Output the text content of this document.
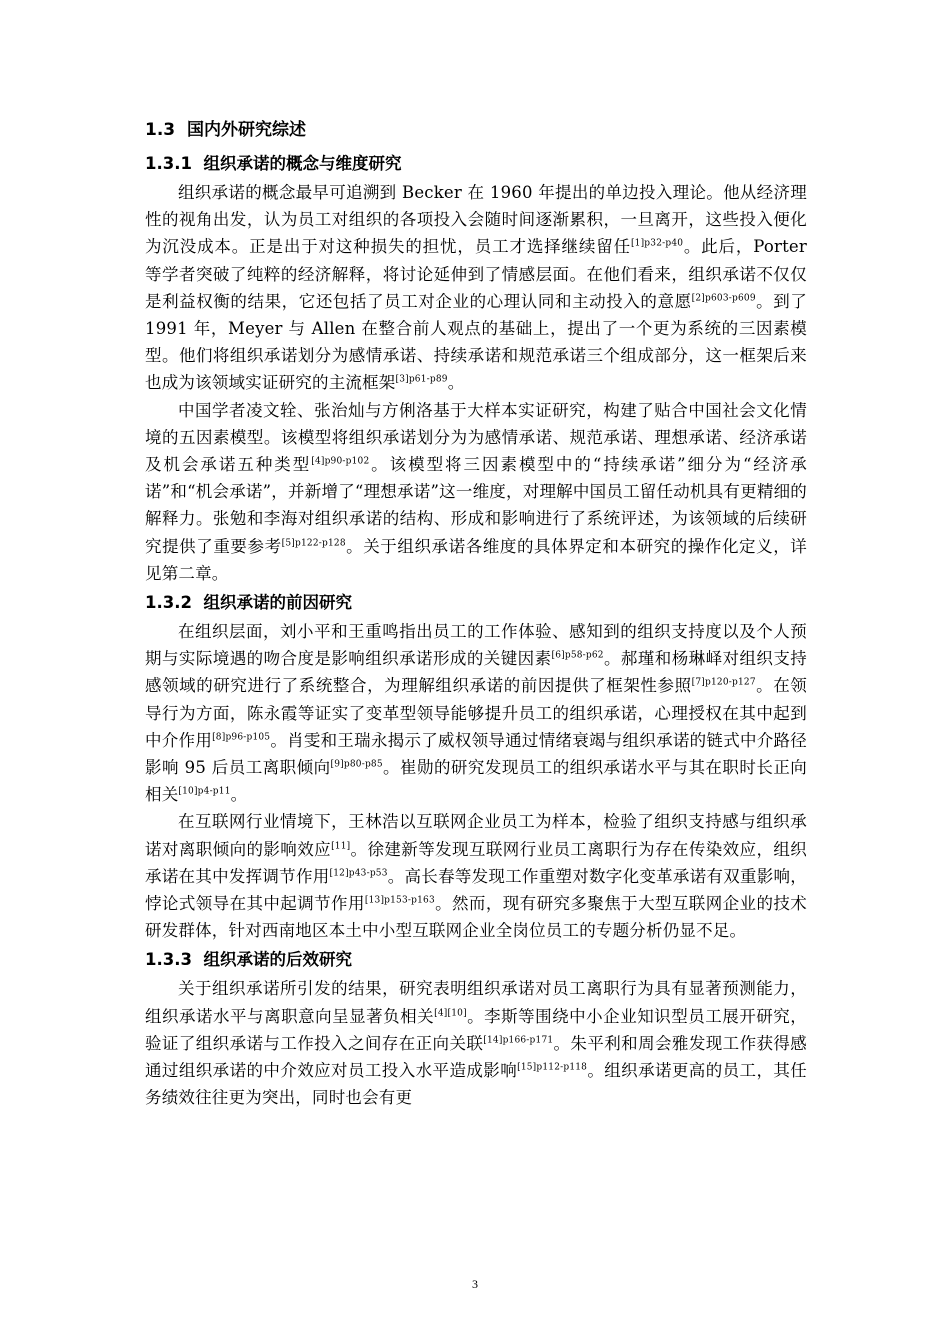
1.3 国内外研究综述
1.3.1 组织承诺的概念与维度研究

组织承诺的概念最早可追溯到 Becker 在 1960 年提出的单边投入理论。他从经济理性的视角出发，认为员工对组织的各项投入会随时间逐渐累积，一旦离开，这些投入便化为沉没成本。正是出于对这种损失的担忧，员工才选择继续留任$^{[1]p32-p40}$。此后，Porter 等学者突破了纯粹的经济解释，将讨论延伸到了情感层面。在他们看来，组织承诺不仅仅是利益权衡的结果，它还包括了员工对企业的心理认同和主动投入的意愿$^{[2]p603-p609}$。到了 1991 年，Meyer 与 Allen 在整合前人观点的基础上，提出了一个更为系统的三因素模型。他们将组织承诺划分为感情承诺、持续承诺和规范承诺三个组成部分，这一框架后来也成为该领域实证研究的主流框架$^{[3]p61-p89}$。

中国学者凌文辁、张治灿与方俐洛基于大样本实证研究，构建了贴合中国社会文化情境的五因素模型。该模型将组织承诺划分为为感情承诺、规范承诺、理想承诺、经济承诺及机会承诺五种类型$^{[4]p90-p102}$。该模型将三因素模型中的“持续承诺”细分为“经济承诺”和“机会承诺”，并新增了“理想承诺”这一维度，对理解中国员工留任动机具有更精细的解释力。张勉和李海对组织承诺的结构、形成和影响进行了系统评述，为该领域的后续研究提供了重要参考$^{[5]p122-p128}$。关于组织承诺各维度的具体界定和本研究的操作化定义，详见第二章。

1.3.2 组织承诺的前因研究

在组织层面，刘小平和王重鸣指出员工的工作体验、感知到的组织支持度以及个人预期与实际境遇的吻合度是影响组织承诺形成的关键因素$^{[6]p58-p62}$。郝瑾和杨琳峄对组织支持感领域的研究进行了系统整合，为理解组织承诺的前因提供了框架性参照$^{[7]p120-p127}$。在领导行为方面，陈永霞等证实了变革型领导能够提升员工的组织承诺，心理授权在其中起到中介作用$^{[8]p96-p105}$。肖雯和王瑞永揭示了威权领导通过情绪衰竭与组织承诺的链式中介路径影响 95 后员工离职倾向$^{[9]p80-p85}$。崔勋的研究发现员工的组织承诺水平与其在职时长正向相关$^{[10]p4-p11}$。

在互联网行业情境下，王林浩以互联网企业员工为样本，检验了组织支持感与组织承诺对离职倾向的影响效应[11]。徐建新等发现互联网行业员工离职行为存在传染效应，组织承诺在其中发挥调节作用$^{[12]p43-p53}$。高长春等发现工作重塑对数字化变革承诺有双重影响，悖论式领导在其中起调节作用$^{[13]p153-p163}$。然而，现有研究多聚焦于大型互联网企业的技术研发群体，针对西南地区本土中小型互联网企业全岗位员工的专题分析仍显不足。

1.3.3 组织承诺的后效研究

关于组织承诺所引发的结果，研究表明组织承诺对员工离职行为具有显著预测能力，组织承诺水平与离职意向呈显著负相关[4][10]。李斯等围绕中小企业知识型员工展开研究，验证了组织承诺与工作投入之间存在正向关联$^{[14]p166-p171}$。朱平利和周会雅发现工作获得感通过组织承诺的中介效应对员工投入水平造成影响$^{[15]p112-p118}$。组织承诺更高的员工，其任务绩效往往更为突出，同时也会有更

3
